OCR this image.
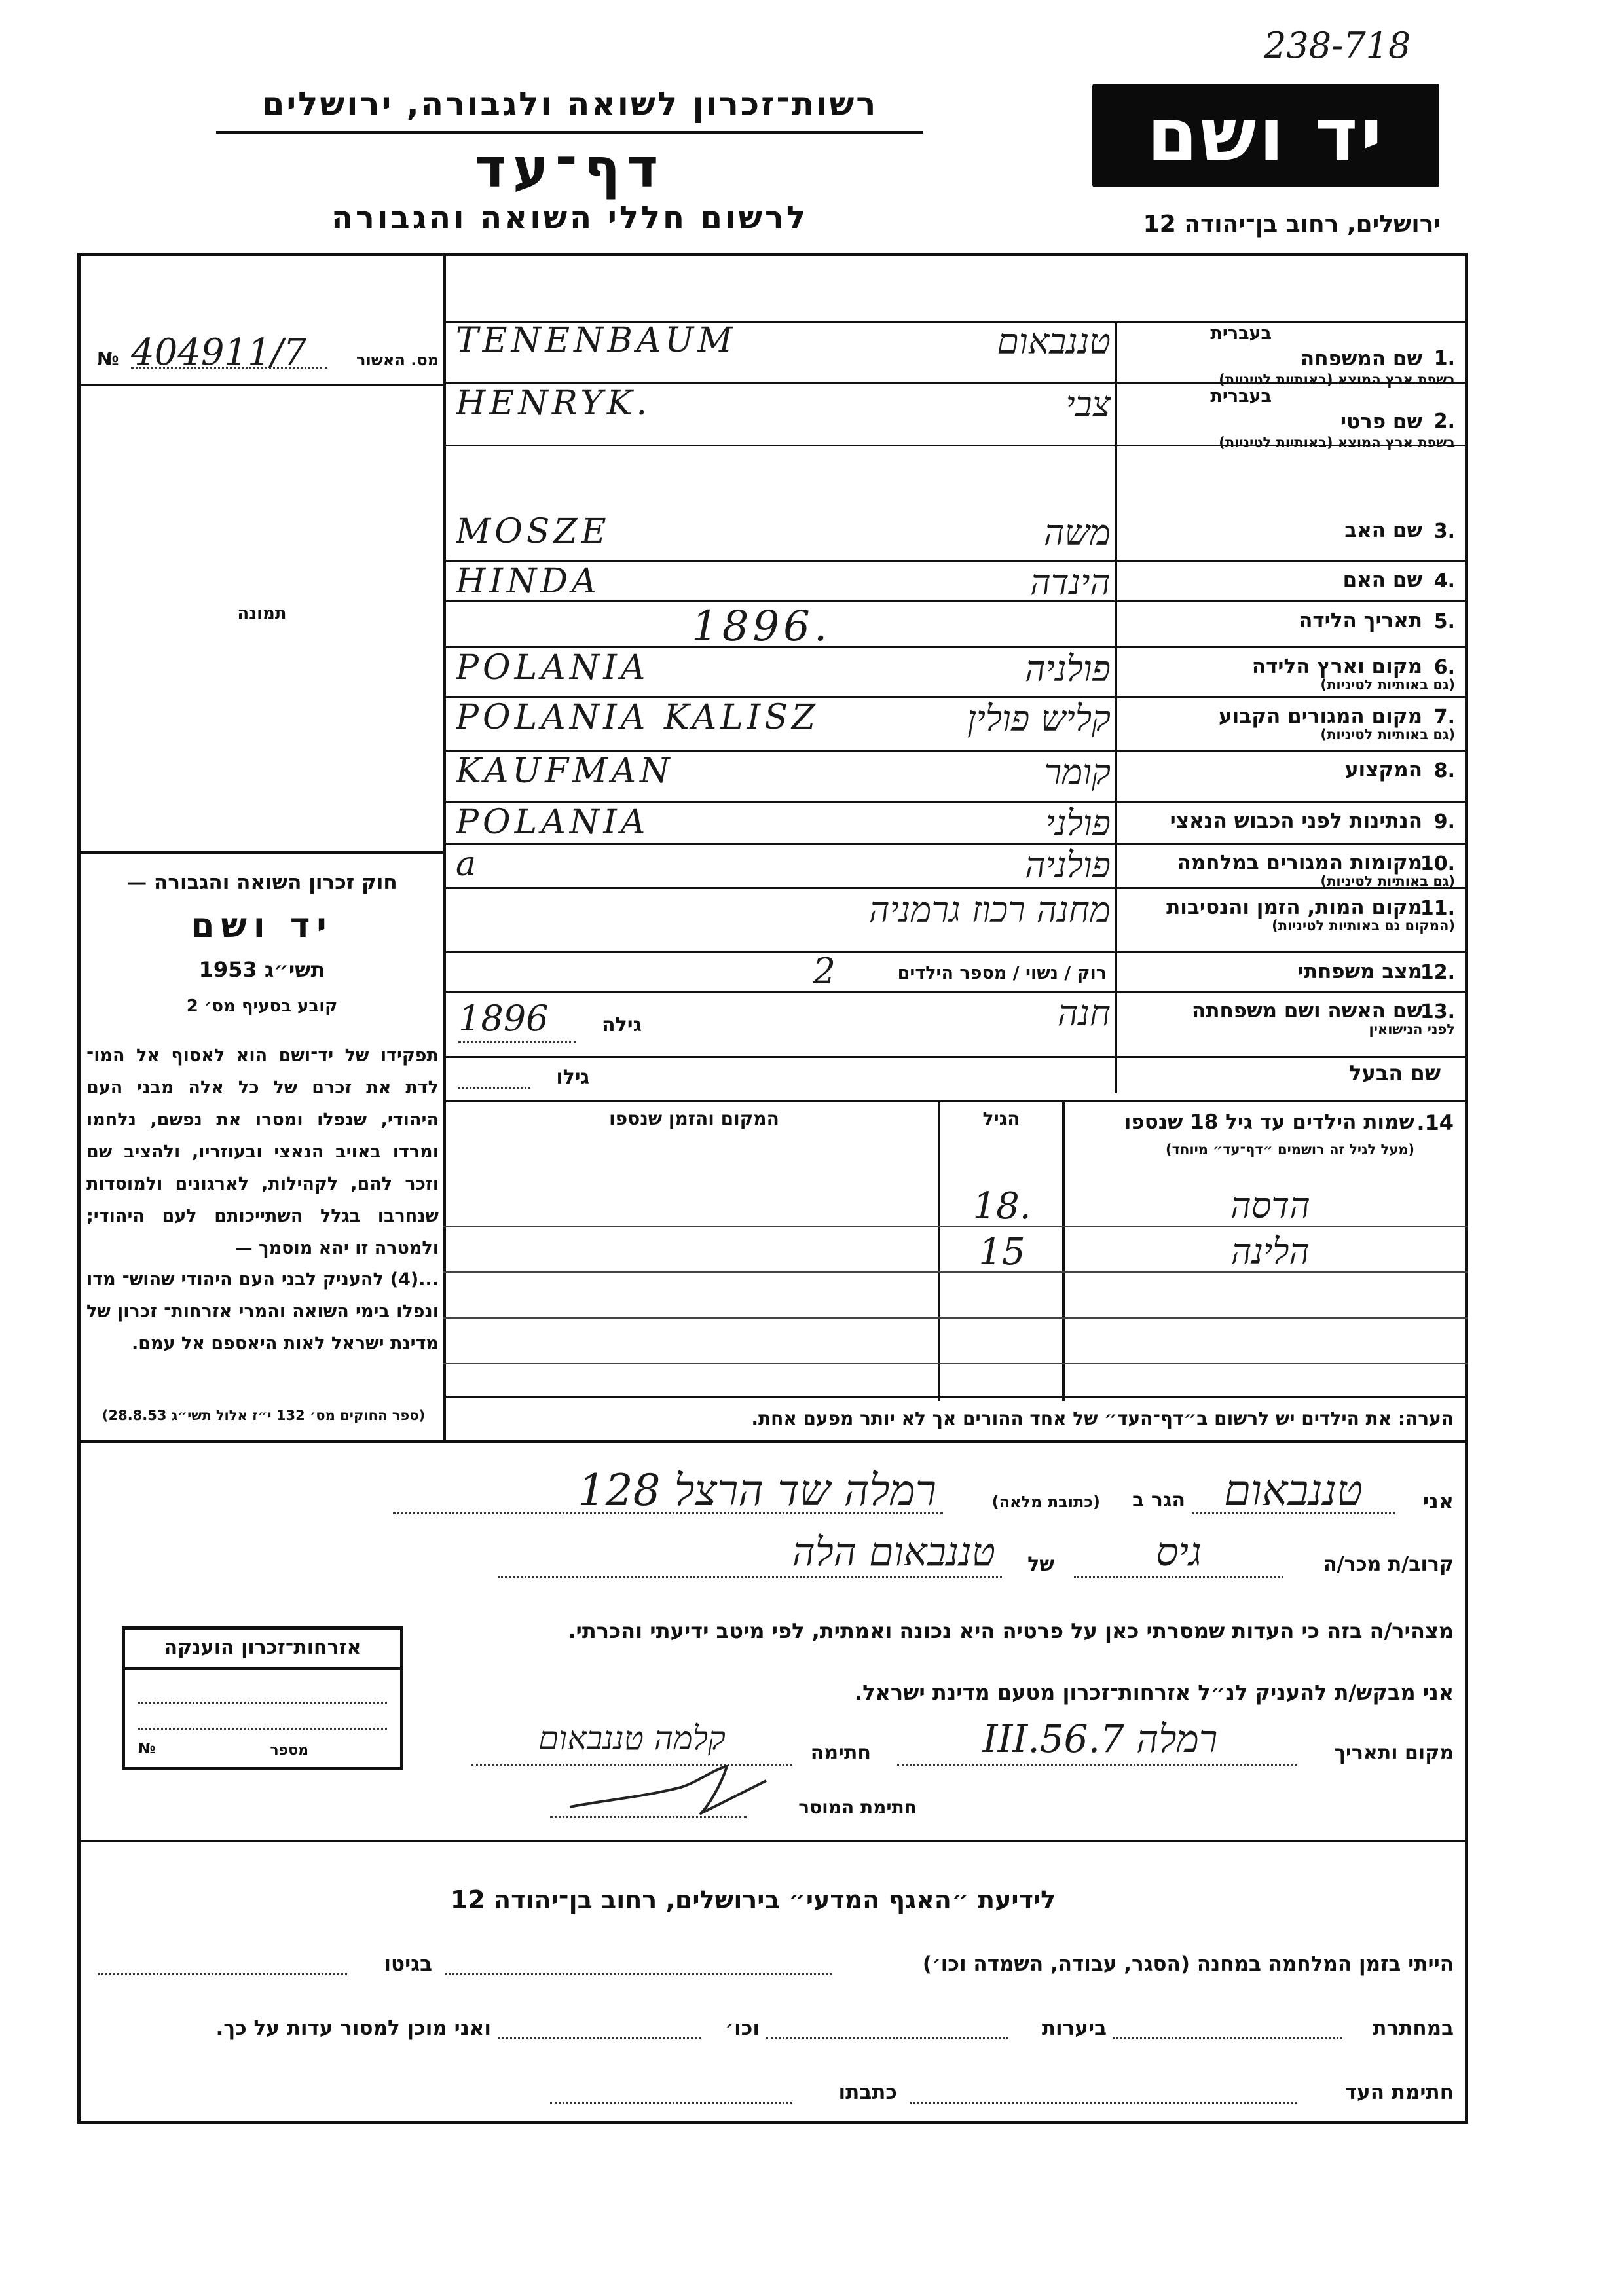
238-718
יד ושם
ירושלים, רחוב בן־יהודה 12
רשות־זכרון לשואה ולגבורה, ירושלים
דף־עד
לרשום חללי השואה והגבורה
מס. האשור
404911/7
№
תמונה
חוק זכרון השואה והגבורה —
יד ושם
תשי״ג 1953
קובע בסעיף מס׳ 2
תפקידו של יד־ושם הוא לאסוף אל המו־ לדת את זכרם של כל אלה מבני העם היהודי, שנפלו ומסרו את נפשם, נלחמו ומרדו באויב הנאצי ובעוזריו, ולהציב שם וזכר להם, לקהילות, לארגונים ולמוסדות שנחרבו בגלל השתייכותם לעם היהודי; ולמטרה זו יהא מוסמך —
...(4) להעניק לבני העם היהודי שהוש־ מדו ונפלו בימי השואה והמרי אזרחות־ זכרון של מדינת ישראל לאות היאספם אל עמם.
(ספר החוקים מס׳ 132 י״ז אלול תשי״ג 28.8.53)
1.
שם המשפחה
בעברית
בשפת ארץ המוצא (באותיות לטיניות)
טננבאום
TENENBAUM
2.
שם פרטי
בעברית
בשפת ארץ המוצא (באותיות לטיניות)
צבי
HENRYK.
3.
שם האב
משה
MOSZE
4.
שם האם
הינדה
HINDA
5.
תאריך הלידה
1896.
6.
מקום וארץ הלידה
(גם באותיות לטיניות)
פולניה
POLANIA
7.
מקום המגורים הקבוע
(גם באותיות לטיניות)
קליש פולין
POLANIA KALISZ
8.
המקצוע
קומר
KAUFMAN
9.
הנתינות לפני הכבוש הנאצי
פולני
POLANIA
10.
מקומות המגורים במלחמה
(גם באותיות לטיניות)
פולניה
a
11.
מקום המות, הזמן והנסיבות
(המקום גם באותיות לטיניות)
מחנה רכוז גרמניה
12.
מצב משפחתי
2
13.
שם האשה ושם משפחתה
לפני הנישואין
חנה
רוק / נשוי / מספר הילדים
1896	גילה
שם הבעל
גילו
14.
שמות הילדים עד גיל 18 שנספו
(מעל לגיל זה רושמים ״דף־עד״ מיוחד)
הגיל
המקום והזמן שנספו
הדסה
18.
הלינה
15
הערה: את הילדים יש לרשום ב״דף־העד״ של אחד ההורים אך לא יותר מפעם אחת.
אני
טננבאום
הגר ב
(כתובת מלאה)
רמלה שד הרצל 128
קרוב/ת מכר/ה
גיס
של
טננבאום הלה
מצהיר/ה בזה כי העדות שמסרתי כאן על פרטיה היא נכונה ואמתית, לפי מיטב ידיעתי והכרתי.
אני מבקש/ת להעניק לנ״ל אזרחות־זכרון מטעם מדינת ישראל.
מקום ותאריך
רמלה 7.III.56
חתימה
קלמה טננבאום
חתימת המוסר
אזרחות־זכרון הוענקה
מספר
№
לידיעת ״האגף המדעי״ בירושלים, רחוב בן־יהודה 12
הייתי בזמן המלחמה במחנה (הסגר, עבודה, השמדה וכו׳)
בגיטו
במחתרת
ביערות
וכו׳
ואני מוכן למסור עדות על כך.
חתימת העד
כתבתו
